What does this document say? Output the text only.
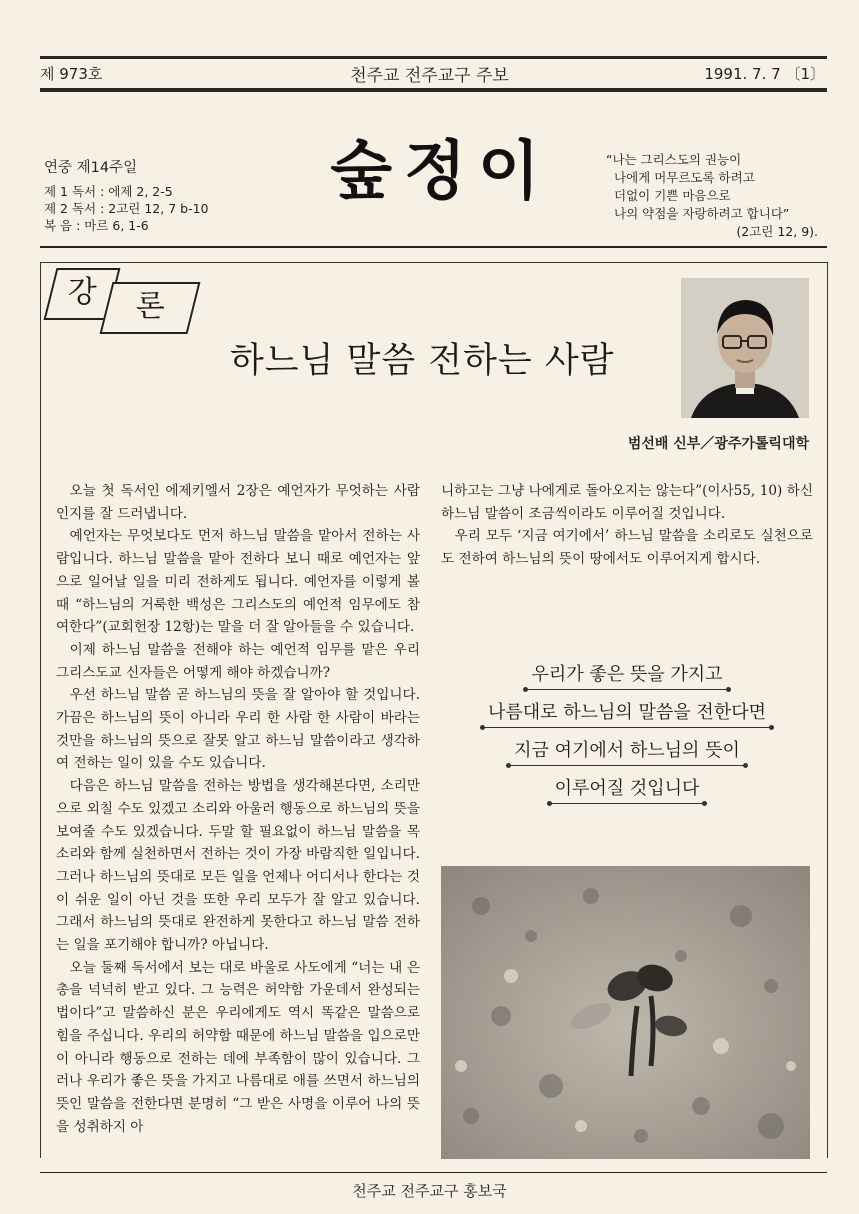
제 973호	천주교 전주교구 주보	1991. 7. 7 〔1〕
연중 제14주일
제 1 독서 : 에제 2, 2-5
제 2 독서 : 2고린 12, 7 b-10
복 음 : 마르 6, 1-6
숲정이	“나는 그리스도의 권능이
나에게 머무르도록 하려고
더없이 기쁜 마음으로
나의 약점을 자랑하려고 합니다”
(2고린 12, 9).
강	론
하느님 말씀 전하는 사람
범선배 신부／광주가톨릭대학

오늘 첫 독서인 에제키엘서 2장은 예언자가 무엇하는 사람인지를 잘 드러냅니다.

예언자는 무엇보다도 먼저 하느님 말씀을 맡아서 전하는 사람입니다. 하느님 말씀을 맡아 전하다 보니 때로 예언자는 앞으로 일어날 일을 미리 전하게도 됩니다. 예언자를 이렇게 볼 때 “하느님의 거룩한 백성은 그리스도의 예언적 임무에도 참여한다”(교회헌장 12항)는 말을 더 잘 알아들을 수 있습니다.

이제 하느님 말씀을 전해야 하는 예언적 임무를 맡은 우리 그리스도교 신자들은 어떻게 해야 하겠습니까?

우선 하느님 말씀 곧 하느님의 뜻을 잘 알아야 할 것입니다. 가끔은 하느님의 뜻이 아니라 우리 한 사람 한 사람이 바라는 것만을 하느님의 뜻으로 잘못 알고 하느님 말씀이라고 생각하여 전하는 일이 있을 수도 있습니다.

다음은 하느님 말씀을 전하는 방법을 생각해본다면, 소리만으로 외칠 수도 있겠고 소리와 아울러 행동으로 하느님의 뜻을 보여줄 수도 있겠습니다. 두말 할 필요없이 하느님 말씀을 목소리와 함께 실천하면서 전하는 것이 가장 바람직한 일입니다. 그러나 하느님의 뜻대로 모든 일을 언제나 어디서나 한다는 것이 쉬운 일이 아닌 것을 또한 우리 모두가 잘 알고 있습니다. 그래서 하느님의 뜻대로 완전하게 못한다고 하느님 말씀 전하는 일을 포기해야 합니까? 아닙니다.

오늘 둘째 독서에서 보는 대로 바울로 사도에게 “너는 내 은총을 넉넉히 받고 있다. 그 능력은 허약함 가운데서 완성되는 법이다”고 말씀하신 분은 우리에게도 역시 똑같은 말씀으로 힘을 주십니다. 우리의 허약함 때문에 하느님 말씀을 입으로만이 아니라 행동으로 전하는 데에 부족함이 많이 있습니다. 그러나 우리가 좋은 뜻을 가지고 나름대로 애를 쓰면서 하느님의 뜻인 말씀을 전한다면 분명히 “그 받은 사명을 이루어 나의 뜻을 성취하지 아

니하고는 그냥 나에게로 돌아오지는 않는다”(이사55, 10) 하신 하느님 말씀이 조금씩이라도 이루어질 것입니다.

우리 모두 ‘지금 여기에서’ 하느님 말씀을 소리로도 실천으로도 전하여 하느님의 뜻이 땅에서도 이루어지게 합시다.

우리가 좋은 뜻을 가지고
나름대로 하느님의 말씀을 전한다면
지금 여기에서 하느님의 뜻이
이루어질 것입니다
천주교 전주교구 홍보국
